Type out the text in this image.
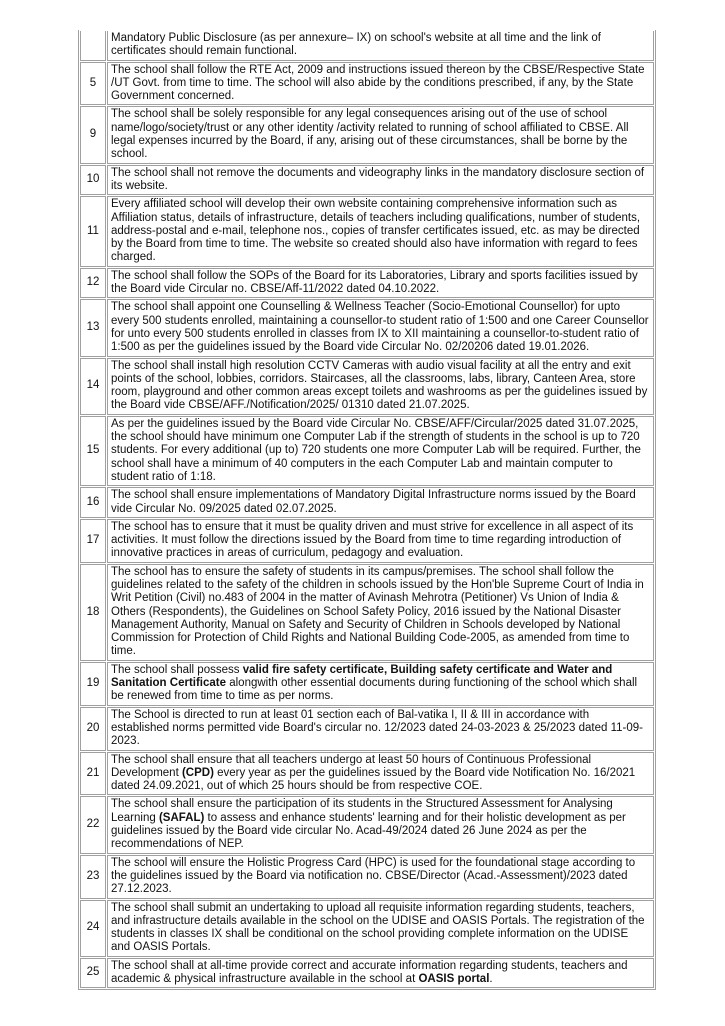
	Mandatory Public Disclosure (as per annexure– IX) on school's website at all time and the link of certificates should remain functional.
5	The school shall follow the RTE Act, 2009 and instructions issued thereon by the CBSE/Respective State /UT Govt. from time to time. The school will also abide by the conditions prescribed, if any, by the State Government concerned.
9	The school shall be solely responsible for any legal consequences arising out of the use of school name/logo/society/trust or any other identity /activity related to running of school affiliated to CBSE. All legal expenses incurred by the Board, if any, arising out of these circumstances, shall be borne by the school.
10	The school shall not remove the documents and videography links in the mandatory disclosure section of its website.
11	Every affiliated school will develop their own website containing comprehensive information such as Affiliation status, details of infrastructure, details of teachers including qualifications, number of students, address-postal and e-mail, telephone nos., copies of transfer certificates issued, etc. as may be directed by the Board from time to time. The website so created should also have information with regard to fees charged.
12	The school shall follow the SOPs of the Board for its Laboratories, Library and sports facilities issued by the Board vide Circular no. CBSE/Aff-11/2022 dated 04.10.2022.
13	The school shall appoint one Counselling & Wellness Teacher (Socio-Emotional Counsellor) for upto every 500 students enrolled, maintaining a counsellor-to student ratio of 1:500 and one Career Counsellor for unto every 500 students enrolled in classes from IX to XII maintaining a counsellor-to-student ratio of 1:500 as per the guidelines issued by the Board vide Circular No. 02/20206 dated 19.01.2026.
14	The school shall install high resolution CCTV Cameras with audio visual facility at all the entry and exit points of the school, lobbies, corridors. Staircases, all the classrooms, labs, library, Canteen Area, store room, playground and other common areas except toilets and washrooms as per the guidelines issued by the Board vide CBSE/AFF./Notification/2025/ 01310 dated 21.07.2025.
15	As per the guidelines issued by the Board vide Circular No. CBSE/AFF/Circular/2025 dated 31.07.2025, the school should have minimum one Computer Lab if the strength of students in the school is up to 720 students. For every additional (up to) 720 students one more Computer Lab will be required. Further, the school shall have a minimum of 40 computers in the each Computer Lab and maintain computer to student ratio of 1:18.
16	The school shall ensure implementations of Mandatory Digital Infrastructure norms issued by the Board vide Circular No. 09/2025 dated 02.07.2025.
17	The school has to ensure that it must be quality driven and must strive for excellence in all aspect of its activities. It must follow the directions issued by the Board from time to time regarding introduction of innovative practices in areas of curriculum, pedagogy and evaluation.
18	The school has to ensure the safety of students in its campus/premises. The school shall follow the guidelines related to the safety of the children in schools issued by the Hon'ble Supreme Court of India in Writ Petition (Civil) no.483 of 2004 in the matter of Avinash Mehrotra (Petitioner) Vs Union of India & Others (Respondents), the Guidelines on School Safety Policy, 2016 issued by the National Disaster Management Authority, Manual on Safety and Security of Children in Schools developed by National Commission for Protection of Child Rights and National Building Code-2005, as amended from time to time.
19	The school shall possess valid fire safety certificate, Building safety certificate and Water and Sanitation Certificate alongwith other essential documents during functioning of the school which shall be renewed from time to time as per norms.
20	The School is directed to run at least 01 section each of Bal-vatika I, II & III in accordance with established norms permitted vide Board's circular no. 12/2023 dated 24-03-2023 & 25/2023 dated 11-09-2023.
21	The school shall ensure that all teachers undergo at least 50 hours of Continuous Professional Development (CPD) every year as per the guidelines issued by the Board vide Notification No. 16/2021 dated 24.09.2021, out of which 25 hours should be from respective COE.
22	The school shall ensure the participation of its students in the Structured Assessment for Analysing Learning (SAFAL) to assess and enhance students' learning and for their holistic development as per guidelines issued by the Board vide circular No. Acad-49/2024 dated 26 June 2024 as per the recommendations of NEP.
23	The school will ensure the Holistic Progress Card (HPC) is used for the foundational stage according to the guidelines issued by the Board via notification no. CBSE/Director (Acad.-Assessment)/2023 dated 27.12.2023.
24	The school shall submit an undertaking to upload all requisite information regarding students, teachers, and infrastructure details available in the school on the UDISE and OASIS Portals. The registration of the students in classes IX shall be conditional on the school providing complete information on the UDISE and OASIS Portals.
25	The school shall at all-time provide correct and accurate information regarding students, teachers and academic & physical infrastructure available in the school at OASIS portal.
